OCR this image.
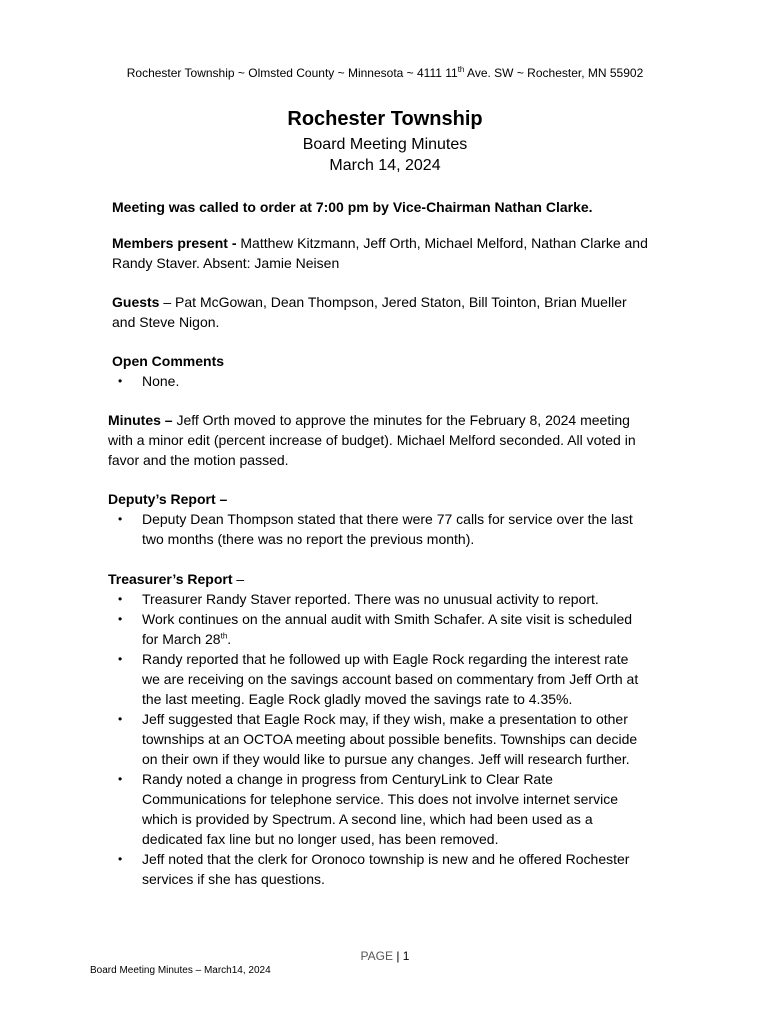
Rochester Township ~ Olmsted County ~ Minnesota ~ 4111 11th Ave. SW ~ Rochester, MN 55902
Rochester Township
Board Meeting Minutes
March 14, 2024
Meeting was called to order at 7:00 pm by Vice-Chairman Nathan Clarke.
Members present - Matthew Kitzmann, Jeff Orth, Michael Melford, Nathan Clarke and
Randy Staver. Absent: Jamie Neisen
Guests – Pat McGowan, Dean Thompson, Jered Staton, Bill Tointon, Brian Mueller
and Steve Nigon.
Open Comments
• None.
Minutes – Jeff Orth moved to approve the minutes for the February 8, 2024 meeting
with a minor edit (percent increase of budget). Michael Melford seconded. All voted in
favor and the motion passed.
Deputy’s Report –
• Deputy Dean Thompson stated that there were 77 calls for service over the last
two months (there was no report the previous month).
Treasurer’s Report –
• Treasurer Randy Staver reported. There was no unusual activity to report.
• Work continues on the annual audit with Smith Schafer. A site visit is scheduled
for March 28th.
• Randy reported that he followed up with Eagle Rock regarding the interest rate
we are receiving on the savings account based on commentary from Jeff Orth at
the last meeting. Eagle Rock gladly moved the savings rate to 4.35%.
• Jeff suggested that Eagle Rock may, if they wish, make a presentation to other
townships at an OCTOA meeting about possible benefits. Townships can decide
on their own if they would like to pursue any changes. Jeff will research further.
• Randy noted a change in progress from CenturyLink to Clear Rate
Communications for telephone service. This does not involve internet service
which is provided by Spectrum. A second line, which had been used as a
dedicated fax line but no longer used, has been removed.
• Jeff noted that the clerk for Oronoco township is new and he offered Rochester
services if she has questions.
PAGE | 1
Board Meeting Minutes – March14, 2024
